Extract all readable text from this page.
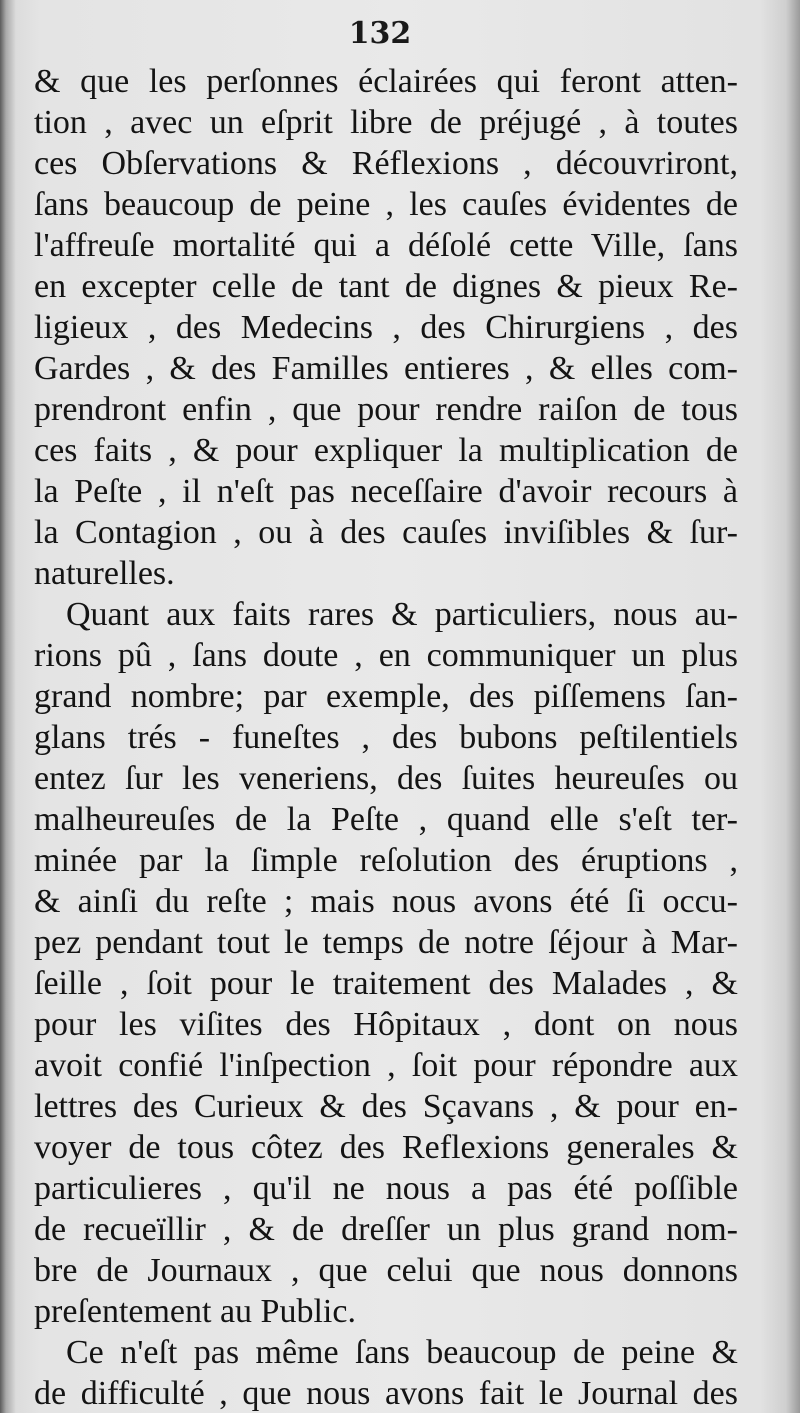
132
& que les perſonnes éclairées qui feront atten-
tion , avec un eſprit libre de préjugé , à toutes
ces Obſervations & Réflexions , découvriront,
ſans beaucoup de peine , les cauſes évidentes de
l'affreuſe mortalité qui a déſolé cette Ville, ſans
en excepter celle de tant de dignes & pieux Re-
ligieux , des Medecins , des Chirurgiens , des
Gardes , & des Familles entieres , & elles com-
prendront enfin , que pour rendre raiſon de tous
ces faits , & pour expliquer la multiplication de
la Peſte , il n'eſt pas neceſſaire d'avoir recours à
la Contagion , ou à des cauſes inviſibles & ſur-
naturelles.
Quant aux faits rares & particuliers, nous au-
rions pû , ſans doute , en communiquer un plus
grand nombre; par exemple, des piſſemens ſan-
glans trés - funeſtes , des bubons peſtilentiels
entez ſur les veneriens, des ſuites heureuſes ou
malheureuſes de la Peſte , quand elle s'eſt ter-
minée par la ſimple reſolution des éruptions ,
& ainſi du reſte ; mais nous avons été ſi occu-
pez pendant tout le temps de notre ſéjour à Mar-
ſeille , ſoit pour le traitement des Malades , &
pour les viſites des Hôpitaux , dont on nous
avoit confié l'inſpection , ſoit pour répondre aux
lettres des Curieux & des Sçavans , & pour en-
voyer de tous côtez des Reflexions generales &
particulieres , qu'il ne nous a pas été poſſible
de recueïllir , & de dreſſer un plus grand nom-
bre de Journaux , que celui que nous donnons
preſentement au Public.
Ce n'eſt pas même ſans beaucoup de peine &
de difficulté , que nous avons fait le Journal des
